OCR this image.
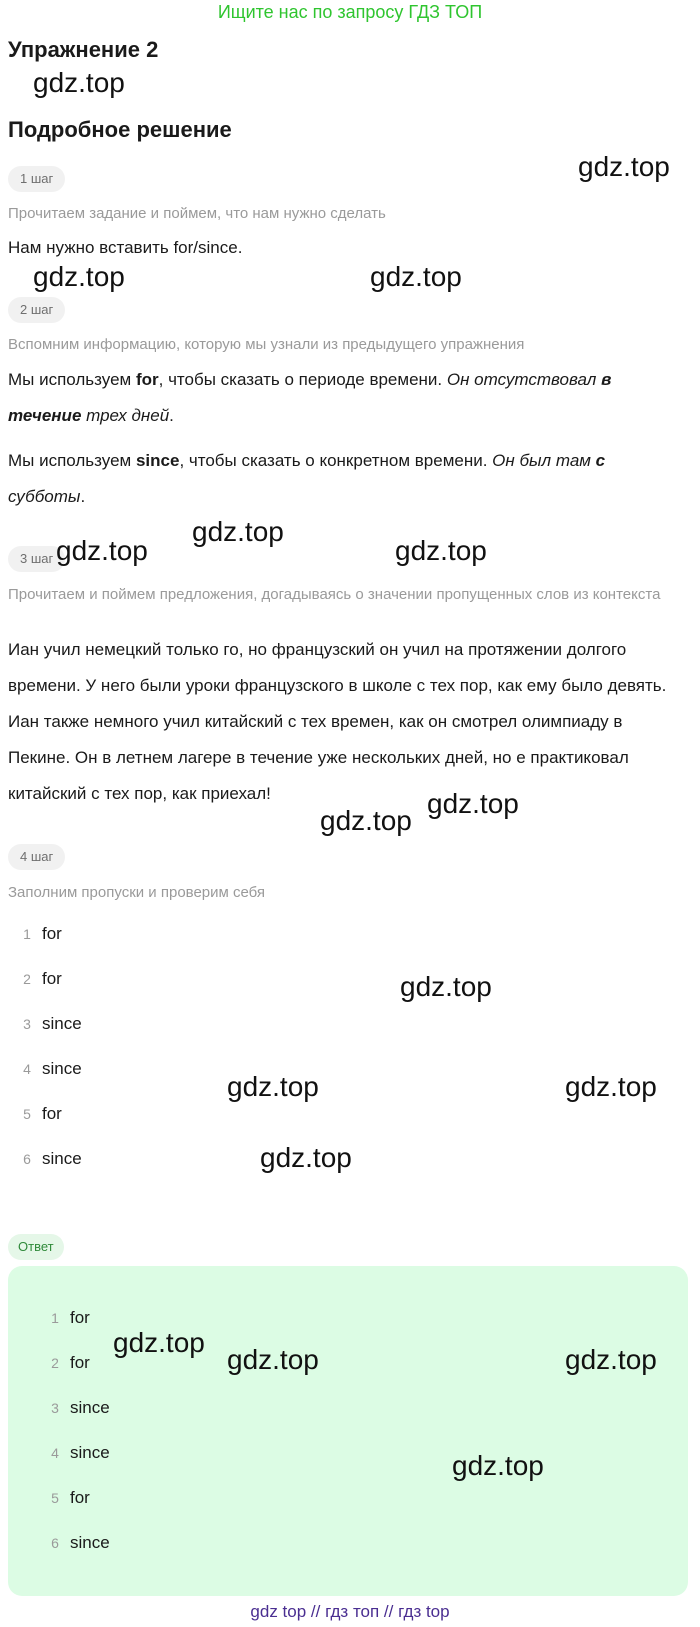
Ищите нас по запросу ГДЗ ТОП
Упражнение 2
gdz.top
Подробное решение
gdz.top
1 шаг
Прочитаем задание и поймем, что нам нужно сделать
Нам нужно вставить for/since.
gdz.top	gdz.top
2 шаг
Вспомним информацию, которую мы узнали из предыдущего упражнения
Мы используем for, чтобы сказать о периоде времени. Он отсутствовал в течение трех дней.
Мы используем since, чтобы сказать о конкретном времени. Он был там с субботы.
3 шаг
gdz.top
gdz.top	gdz.top
Прочитаем и поймем предложения, догадываясь о значении пропущенных слов из контекста
Иан учил немецкий только го, но французский он учил на протяжении долгого времени. У него были уроки французского в школе с тех пор, как ему было девять. Иан также немного учил китайский с тех времен, как он смотрел олимпиаду в Пекине. Он в летнем лагере в течение уже нескольких дней, но е практиковал китайский с тех пор, как приехал!	gdz.top
gdz.top
4 шаг
Заполним пропуски и проверим себя
1 for
2 for
3 since
4 since
5 for
6 since
gdz.top
gdz.top	gdz.top
gdz.top
Ответ
1 for
2 for
3 since
4 since
5 for
6 since
gdz.top
gdz.top	gdz.top
gdz.top
gdz top // гдз топ // гдз top
